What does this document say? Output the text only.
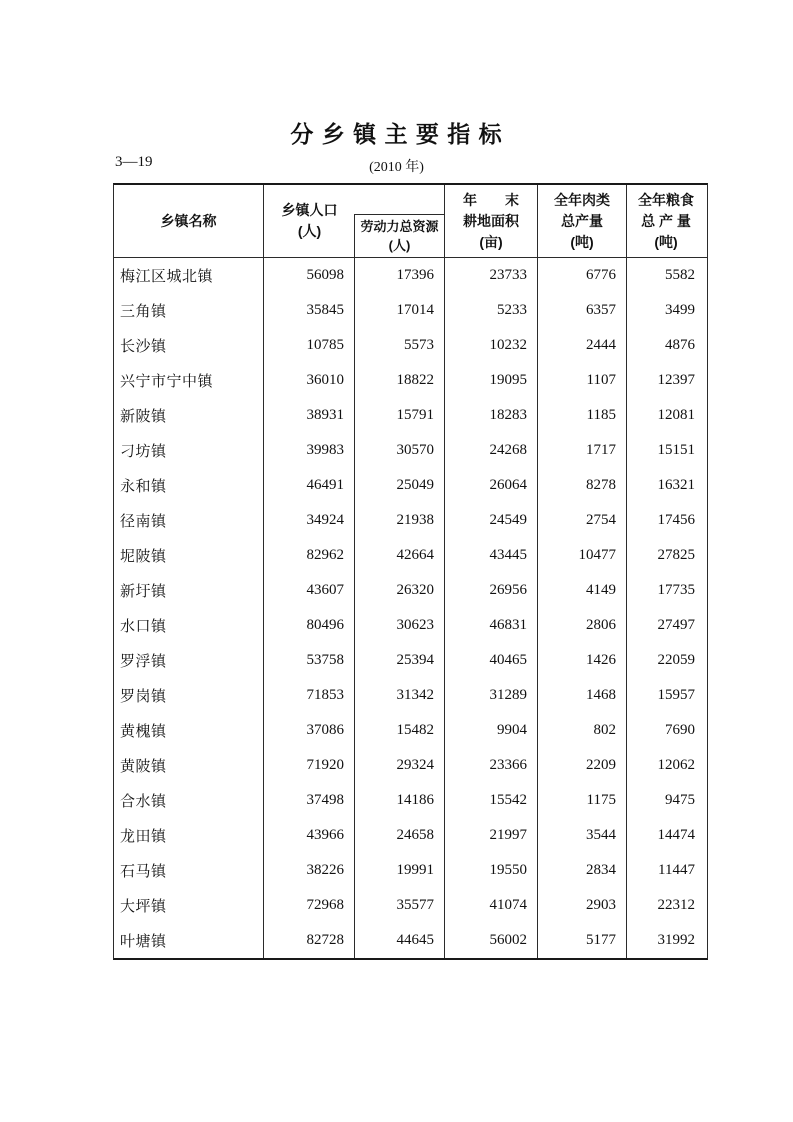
分 乡 镇 主 要 指 标
3—19	(2010 年)
乡镇名称
乡镇人口
(人)	劳动力总资源
(人)
年　　末
耕地面积
(亩)
全年肉类
总产量
(吨)
全年粮食
总 产 量
(吨)
梅江区城北镇	56098	17396	23733	6776	5582
三角镇	35845	17014	5233	6357	3499
长沙镇	10785	5573	10232	2444	4876
兴宁市宁中镇	36010	18822	19095	1107	12397
新陂镇	38931	15791	18283	1185	12081
刁坊镇	39983	30570	24268	1717	15151
永和镇	46491	25049	26064	8278	16321
径南镇	34924	21938	24549	2754	17456
坭陂镇	82962	42664	43445	10477	27825
新圩镇	43607	26320	26956	4149	17735
水口镇	80496	30623	46831	2806	27497
罗浮镇	53758	25394	40465	1426	22059
罗岗镇	71853	31342	31289	1468	15957
黄槐镇	37086	15482	9904	802	7690
黄陂镇	71920	29324	23366	2209	12062
合水镇	37498	14186	15542	1175	9475
龙田镇	43966	24658	21997	3544	14474
石马镇	38226	19991	19550	2834	11447
大坪镇	72968	35577	41074	2903	22312
叶塘镇	82728	44645	56002	5177	31992
